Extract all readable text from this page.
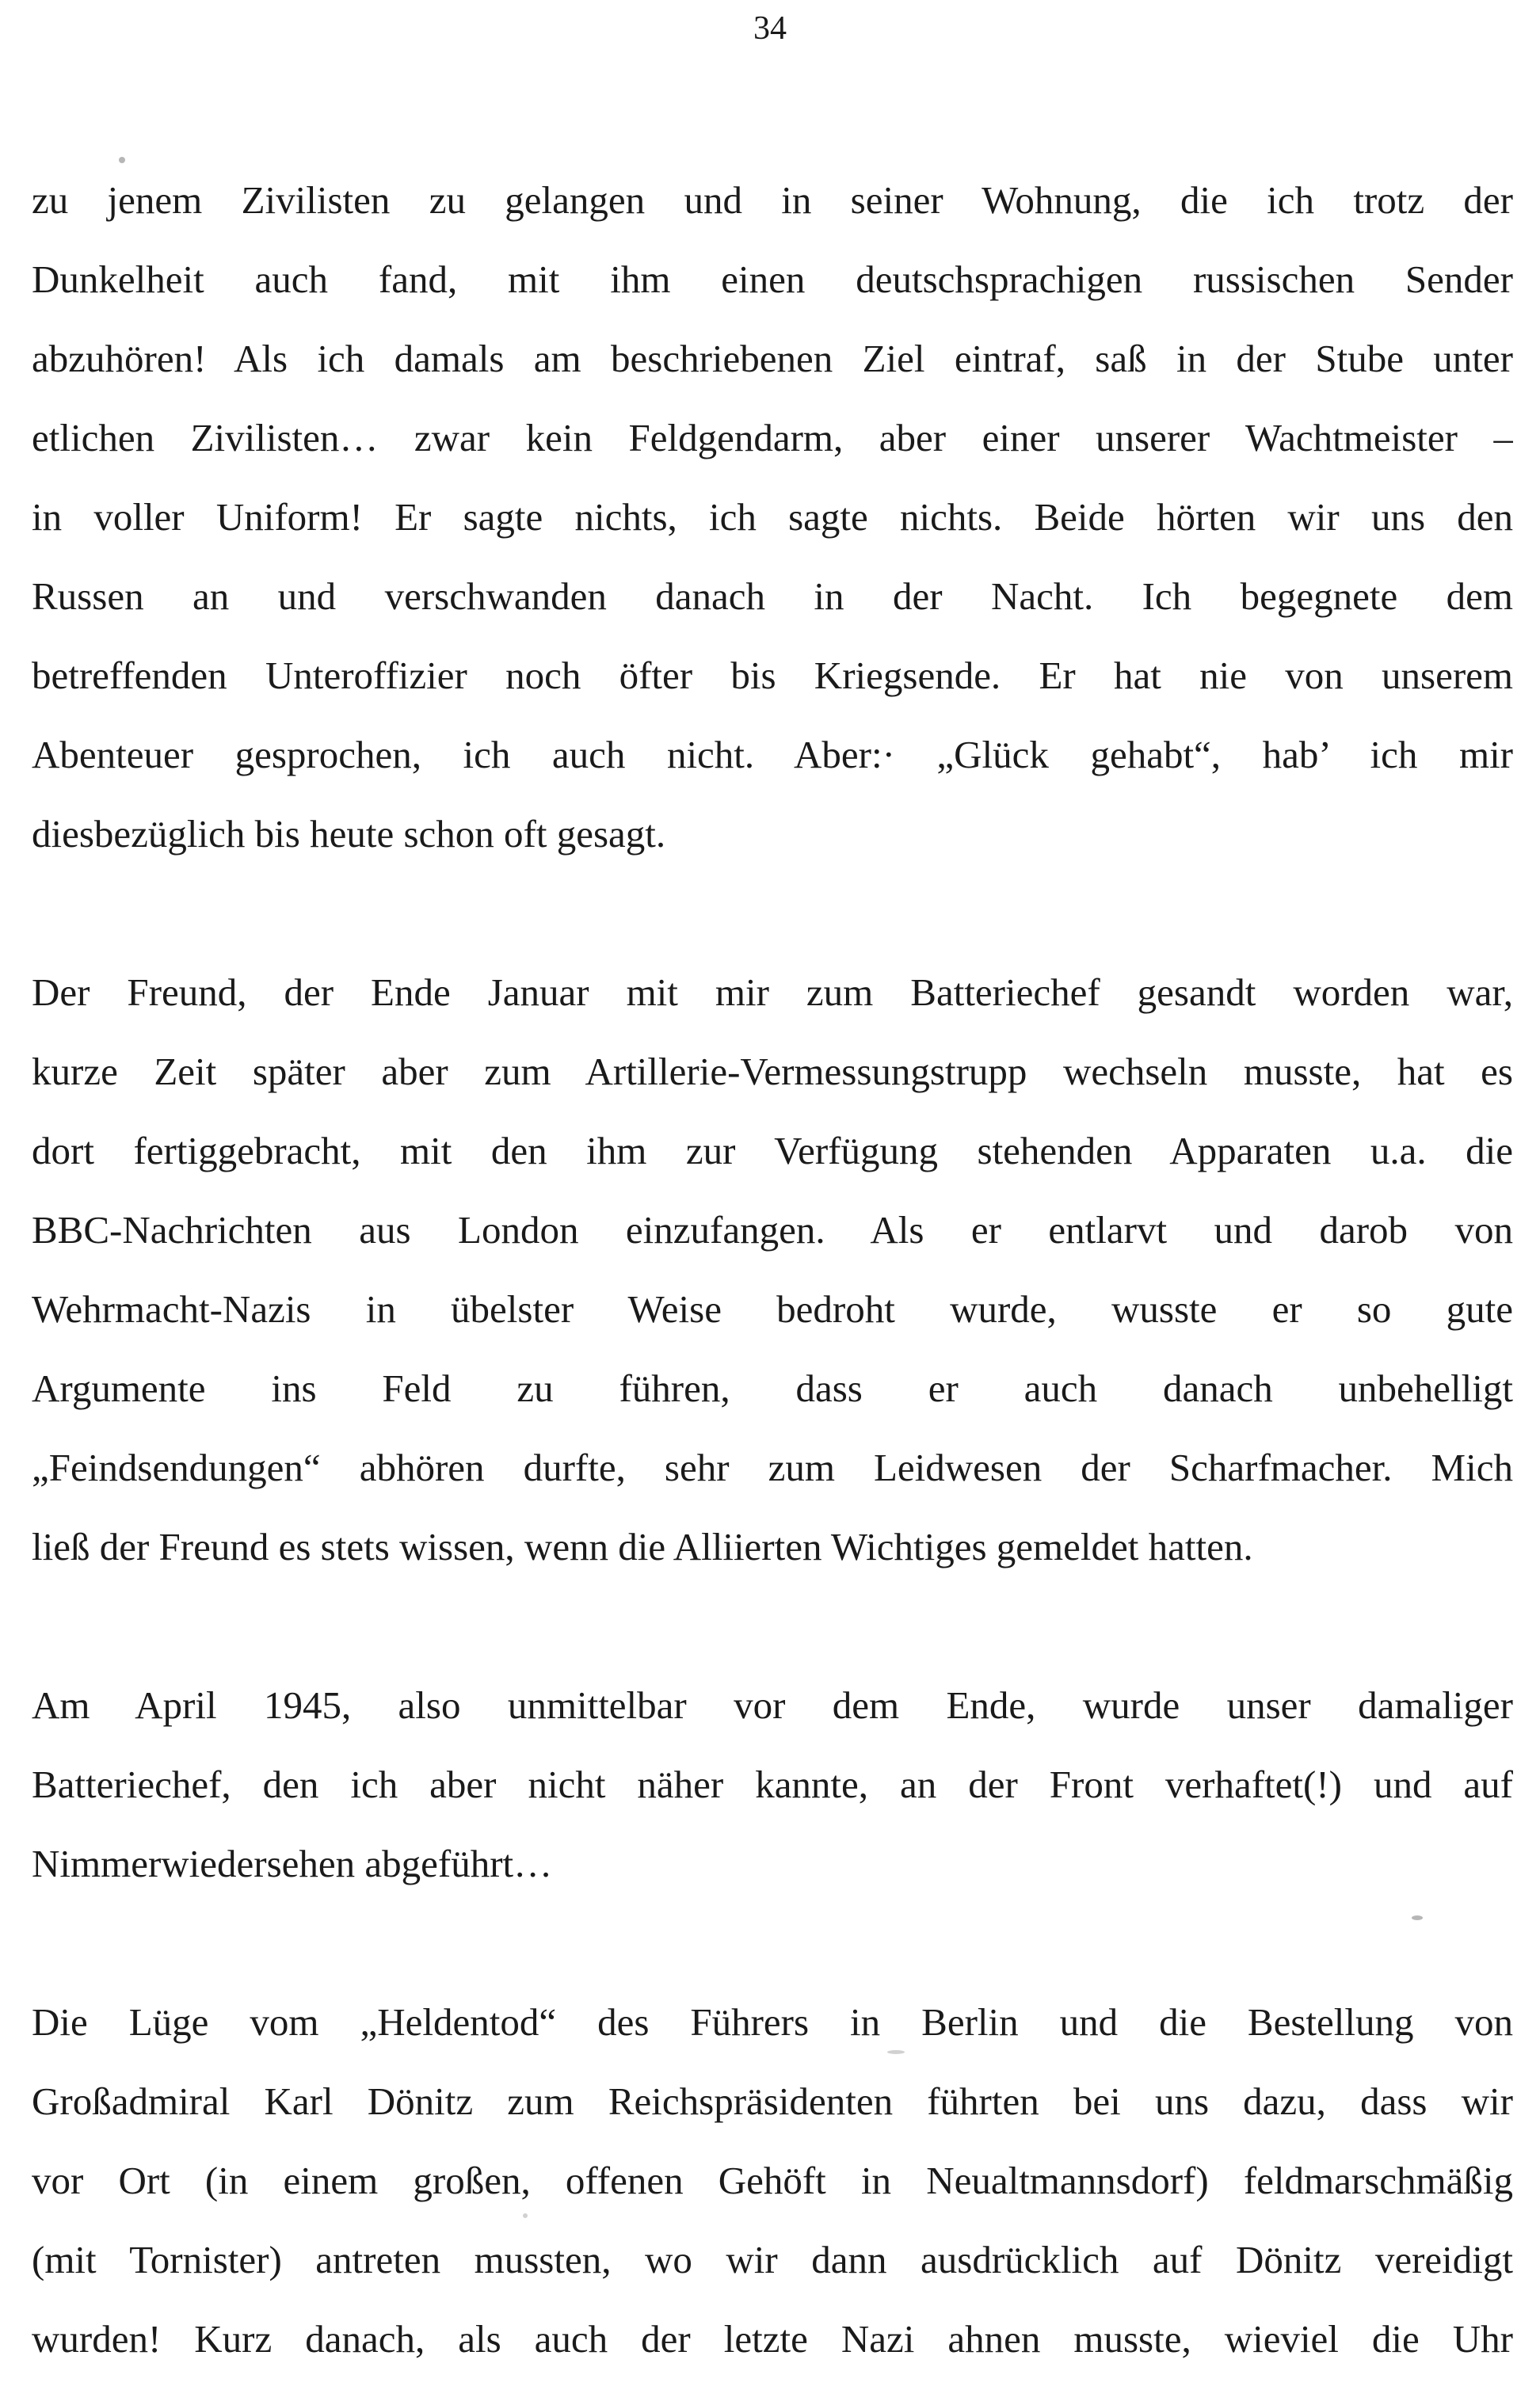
34
zu jenem Zivilisten zu gelangen und in seiner Wohnung, die ich trotz der
Dunkelheit auch fand, mit ihm einen deutschsprachigen russischen Sender
abzuhören! Als ich damals am beschriebenen Ziel eintraf, saß in der Stube unter
etlichen Zivilisten… zwar kein Feldgendarm, aber einer unserer Wachtmeister –
in voller Uniform! Er sagte nichts, ich sagte nichts. Beide hörten wir uns den
Russen an und verschwanden danach in der Nacht. Ich begegnete dem
betreffenden Unteroffizier noch öfter bis Kriegsende. Er hat nie von unserem
Abenteuer gesprochen, ich auch nicht. Aber:· „Glück gehabt“, hab’ ich mir
diesbezüglich bis heute schon oft gesagt.
Der Freund, der Ende Januar mit mir zum Batteriechef gesandt worden war,
kurze Zeit später aber zum Artillerie-Vermessungstrupp wechseln musste, hat es
dort fertiggebracht, mit den ihm zur Verfügung stehenden Apparaten u.a. die
BBC-Nachrichten aus London einzufangen. Als er entlarvt und darob von
Wehrmacht-Nazis in übelster Weise bedroht wurde, wusste er so gute
Argumente ins Feld zu führen, dass er auch danach unbehelligt
„Feindsendungen“ abhören durfte, sehr zum Leidwesen der Scharfmacher. Mich
ließ der Freund es stets wissen, wenn die Alliierten Wichtiges gemeldet hatten.
Am April 1945, also unmittelbar vor dem Ende, wurde unser damaliger
Batteriechef, den ich aber nicht näher kannte, an der Front verhaftet(!) und auf
Nimmerwiedersehen abgeführt…
Die Lüge vom „Heldentod“ des Führers in Berlin und die Bestellung von
Großadmiral Karl Dönitz zum Reichspräsidenten führten bei uns dazu, dass wir
vor Ort (in einem großen, offenen Gehöft in Neualtmannsdorf) feldmarschmäßig
(mit Tornister) antreten mussten, wo wir dann ausdrücklich auf Dönitz vereidigt
wurden! Kurz danach, als auch der letzte Nazi ahnen musste, wieviel die Uhr
